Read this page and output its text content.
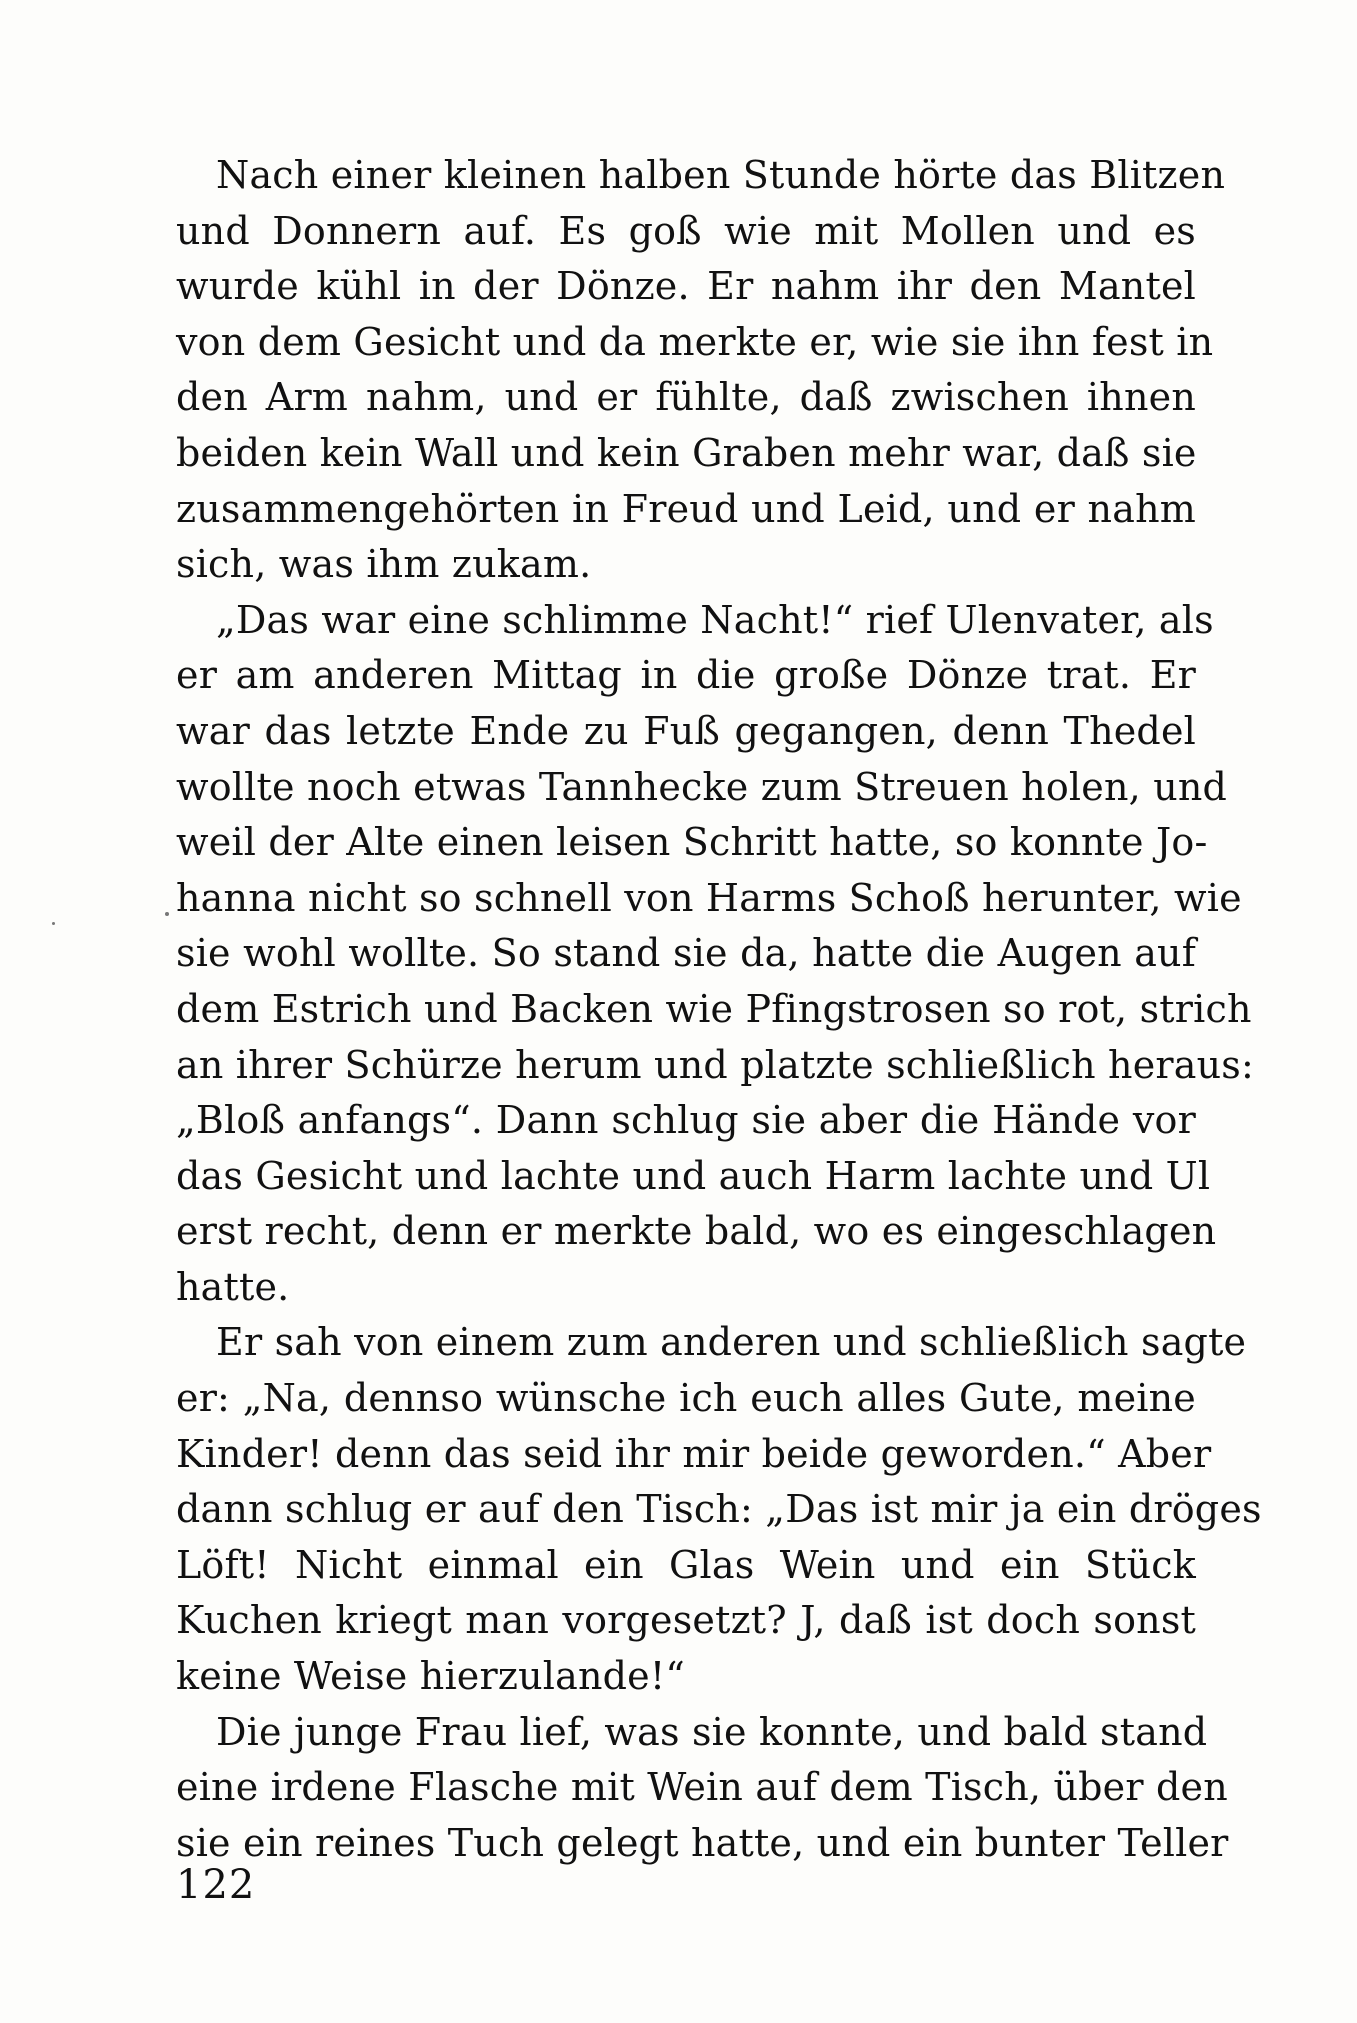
Nach einer kleinen halben Stunde hörte das Blitzen
und Donnern auf. Es goß wie mit Mollen und es
wurde kühl in der Dönze. Er nahm ihr den Mantel
von dem Gesicht und da merkte er, wie sie ihn fest in
den Arm nahm, und er fühlte, daß zwischen ihnen
beiden kein Wall und kein Graben mehr war, daß sie
zusammengehörten in Freud und Leid, und er nahm
sich, was ihm zukam.
„Das war eine schlimme Nacht!“ rief Ulenvater, als
er am anderen Mittag in die große Dönze trat. Er
war das letzte Ende zu Fuß gegangen, denn Thedel
wollte noch etwas Tannhecke zum Streuen holen, und
weil der Alte einen leisen Schritt hatte, so konnte Jo-
hanna nicht so schnell von Harms Schoß herunter, wie
sie wohl wollte. So stand sie da, hatte die Augen auf
dem Estrich und Backen wie Pfingstrosen so rot, strich
an ihrer Schürze herum und platzte schließlich heraus:
„Bloß anfangs“. Dann schlug sie aber die Hände vor
das Gesicht und lachte und auch Harm lachte und Ul
erst recht, denn er merkte bald, wo es eingeschlagen
hatte.
Er sah von einem zum anderen und schließlich sagte
er: „Na, dennso wünsche ich euch alles Gute, meine
Kinder! denn das seid ihr mir beide geworden.“ Aber
dann schlug er auf den Tisch: „Das ist mir ja ein dröges
Löft! Nicht einmal ein Glas Wein und ein Stück
Kuchen kriegt man vorgesetzt? J, daß ist doch sonst
keine Weise hierzulande!“
Die junge Frau lief, was sie konnte, und bald stand
eine irdene Flasche mit Wein auf dem Tisch, über den
sie ein reines Tuch gelegt hatte, und ein bunter Teller
122
